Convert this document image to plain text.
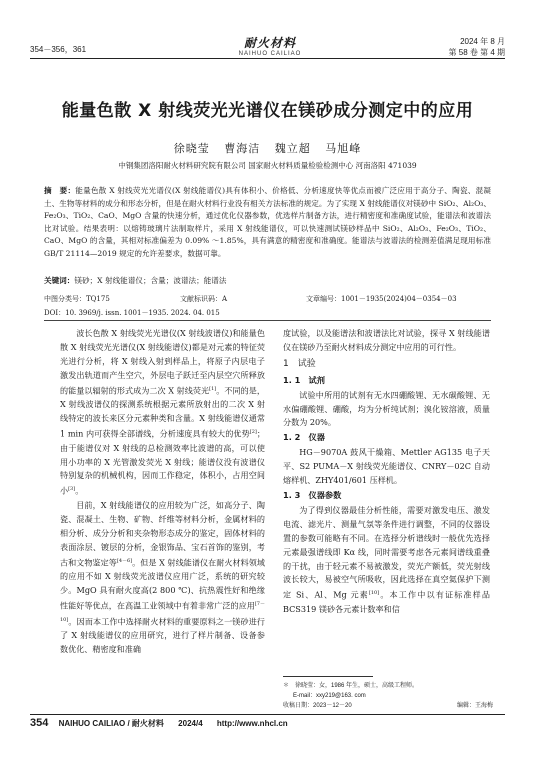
354－356，361	耐火材料
NAIHUO CAILIAO
2024 年 8 月
第 58 卷 第 4 期
能量色散 X 射线荧光光谱仪在镁砂成分测定中的应用
徐晓莹 曹海洁 魏立超 马旭峰
中钢集团洛阳耐火材料研究院有限公司 国家耐火材料质量检验检测中心 河南洛阳 471039
摘　要：能量色散 X 射线荧光光谱仪(X 射线能谱仪)具有体积小、价格低、分析速度快等优点而被广泛应用于高分子、陶瓷、混凝土、生物等材料的成分和形态分析，但是在耐火材料行业没有相关方法标准的规定。为了实现 X 射线能谱仪对镁砂中 SiO₂、Al₂O₃、Fe₂O₃、TiO₂、CaO、MgO 含量的快速分析，通过优化仪器参数，优选样片制备方法，进行精密度和准确度试验，能谱法和波谱法比对试验。结果表明：以熔铸玻璃片法制取样片，采用 X 射线能谱仪，可以快速测试镁砂样品中 SiO₂、Al₂O₃、Fe₂O₃、TiO₂、CaO、MgO 的含量，其相对标准偏差为 0.09% ～1.85%，具有满意的精密度和准确度。能谱法与波谱法的检测差值满足现用标准 GB/T 21114—2019 规定的允许差要求，数据可靠。
关键词：镁砂；X 射线能谱仪；含量；波谱法；能谱法
中图分类号：TQ175	文献标识码：A	文章编号：1001－1935(2024)04－0354－03
DOI：10. 3969/j. issn. 1001－1935. 2024. 04. 015

波长色散 X 射线荧光光谱仪(X 射线波谱仪)和能量色散 X 射线荧光光谱仪(X 射线能谱仪)都是对元素的特征荧光进行分析，将 X 射线入射到样品上，将原子内层电子激发出轨道而产生空穴，外层电子跃迁至内层空穴所释放的能量以辐射的形式成为二次 X 射线荧光[1]。不同的是，X 射线波谱仪的探测系统根据元素所放射出的二次 X 射线特定的波长来区分元素种类和含量。X 射线能谱仪通常 1 min 内可获得全部谱线，分析速度具有较大的优势[2]；由于能谱仪对 X 射线的总检测效率比波谱的高，可以使用小功率的 X 光管激发荧光 X 射线；能谱仪没有波谱仪特别复杂的机械机构，因而工作稳定，体积小，占用空间小[3]。

目前，X 射线能谱仪的应用较为广泛，如高分子、陶瓷、混凝土、生物、矿物、纤维等材料分析，金属材料的相分析、成分分析和夹杂物形态成分的鉴定，固体材料的表面涂层、镀层的分析，金银饰品、宝石首饰的鉴别，考古和文物鉴定等[4－6]。但是 X 射线能谱仪在耐火材料领域的应用不如 X 射线荧光波谱仪应用广泛，系统的研究较少。MgO 具有耐火度高(2 800 ℃)、抗热震性好和绝缘性能好等优点，在高温工业领域中有着非常广泛的应用[7－10]。因而本工作中选择耐火材料的重要原料之一镁砂进行了 X 射线能谱仪的应用研究，进行了样片制备、设备参数优化、精密度和准确

度试验，以及能谱法和波谱法比对试验，探寻 X 射线能谱仪在镁砂乃至耐火材料成分测定中应用的可行性。

1　试验
1. 1　试剂

试验中所用的试剂有无水四硼酸锂、无水碳酸锂、无水偏硼酸锂、硼酸，均为分析纯试剂；溴化铵溶液，质量分数为 20%。

1. 2　仪器

HG－9070A 鼓风干燥箱、Mettler AG135 电子天平、S2 PUMA－X 射线荧光能谱仪、CNRY－02C 自动熔样机、ZHY401/601 压样机。

1. 3　仪器参数

为了得到仪器最佳分析性能，需要对激发电压、激发电流、滤光片、测量气氛等条件进行调整，不同的仪器设置的参数可能略有不同。在选择分析谱线时一般优先选择元素最强谱线即 Kα 线，同时需要考虑各元素间谱线重叠的干扰，由于轻元素不易被激发，荧光产额低，荧光射线波长较大，易被空气所吸收，因此选择在真空氦保护下测定 Si、Al、Mg 元素[10]。本工作中以有证标准样品 BCS319 镁砂各元素计数率和信

＊　徐晓莹：女，1986 年生，硕士，高级工程师。
E-mail：xxy219@163. com
收稿日期：2023－12－20	编辑：王海梅
354 NAIHUO CAILIAO / 耐火材料 2024/4 http://www.nhcl.cn
